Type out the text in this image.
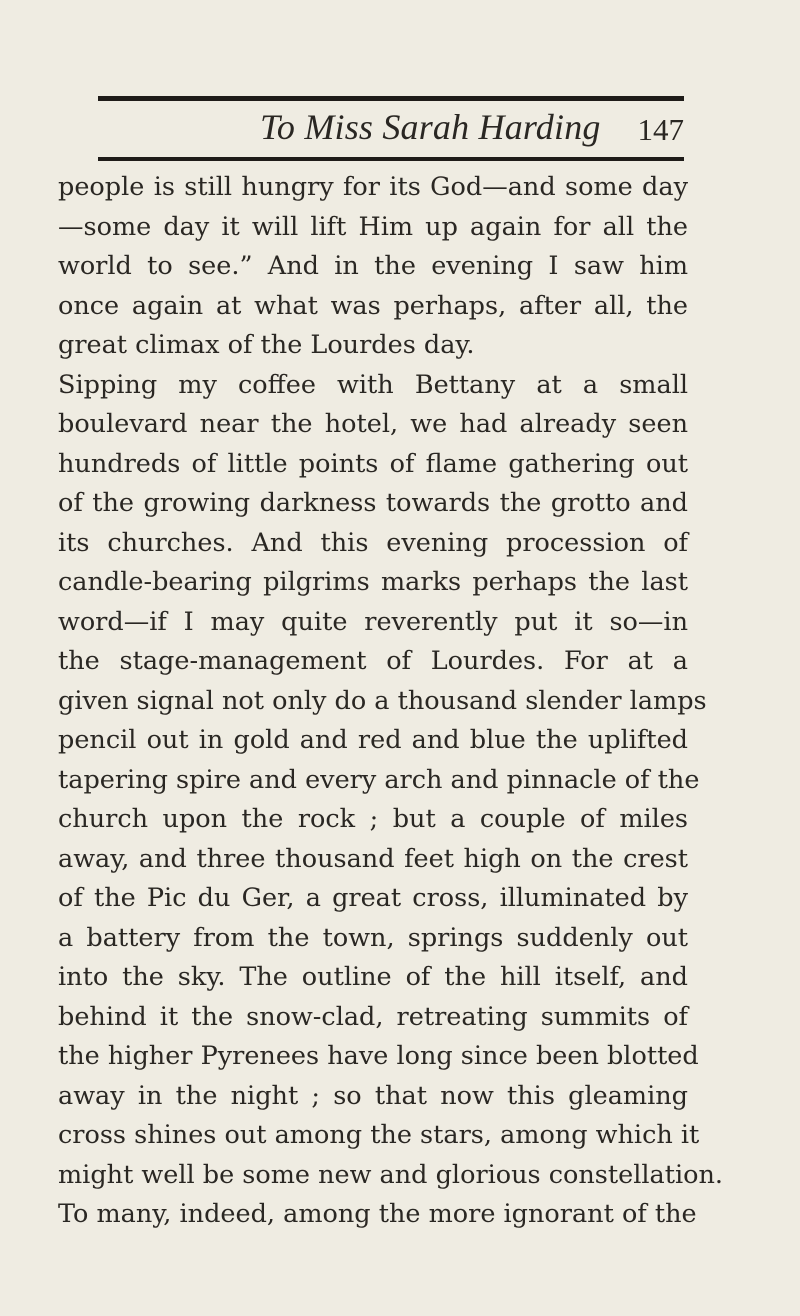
To Miss Sarah Harding 147
people is still hungry for its God—and some day
—some day it will lift Him up again for all the
world to see.” And in the evening I saw him
once again at what was perhaps, after all, the
great climax of the Lourdes day.
Sipping my coffee with Bettany at a small
boulevard near the hotel, we had already seen
hundreds of little points of flame gathering out
of the growing darkness towards the grotto and
its churches. And this evening procession of
candle-bearing pilgrims marks perhaps the last
word—if I may quite reverently put it so—in
the stage-management of Lourdes. For at a
given signal not only do a thousand slender lamps
pencil out in gold and red and blue the uplifted
tapering spire and every arch and pinnacle of the
church upon the rock ; but a couple of miles
away, and three thousand feet high on the crest
of the Pic du Ger, a great cross, illuminated by
a battery from the town, springs suddenly out
into the sky. The outline of the hill itself, and
behind it the snow-clad, retreating summits of
the higher Pyrenees have long since been blotted
away in the night ; so that now this gleaming
cross shines out among the stars, among which it
might well be some new and glorious constellation.
To many, indeed, among the more ignorant of the
